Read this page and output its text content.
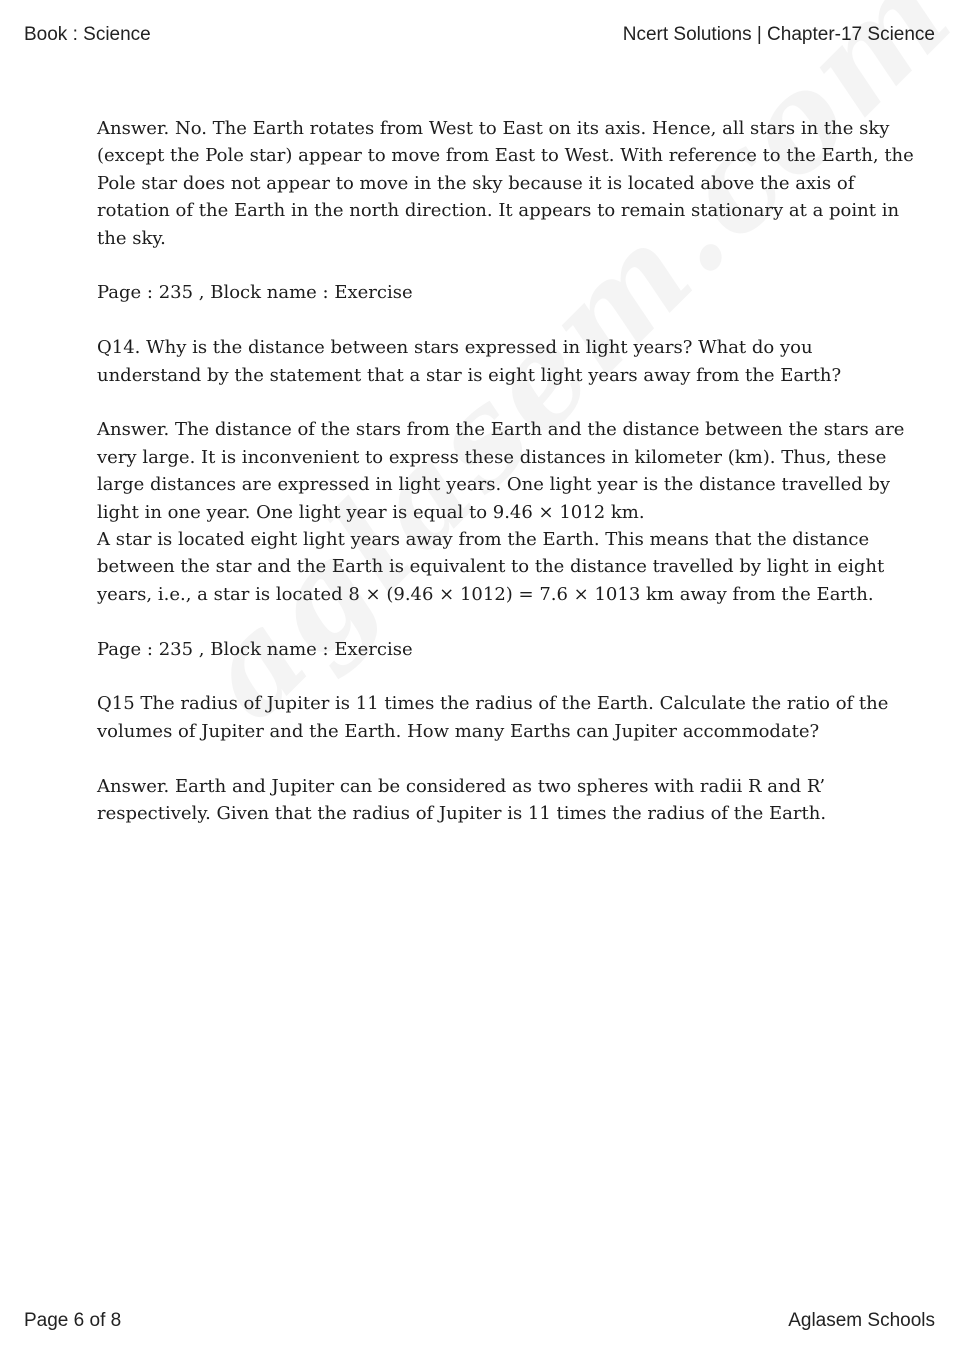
Book : Science	Ncert Solutions | Chapter-17 Science

Answer. No. The Earth rotates from West to East on its axis. Hence, all stars in the sky
(except the Pole star) appear to move from East to West. With reference to the Earth, the
Pole star does not appear to move in the sky because it is located above the axis of
rotation of the Earth in the north direction. It appears to remain stationary at a point in
the sky.

Page : 235 , Block name : Exercise

Q14. Why is the distance between stars expressed in light years? What do you
understand by the statement that a star is eight light years away from the Earth?

Answer. The distance of the stars from the Earth and the distance between the stars are
very large. It is inconvenient to express these distances in kilometer (km). Thus, these
large distances are expressed in light years. One light year is the distance travelled by
light in one year. One light year is equal to 9.46 × 1012 km.
A star is located eight light years away from the Earth. This means that the distance
between the star and the Earth is equivalent to the distance travelled by light in eight
years, i.e., a star is located 8 × (9.46 × 1012) = 7.6 × 1013 km away from the Earth.

Page : 235 , Block name : Exercise

Q15 The radius of Jupiter is 11 times the radius of the Earth. Calculate the ratio of the
volumes of Jupiter and the Earth. How many Earths can Jupiter accommodate?

Answer. Earth and Jupiter can be considered as two spheres with radii R and R’
respectively. Given that the radius of Jupiter is 11 times the radius of the Earth.

Page 6 of 8	Aglasem Schools
